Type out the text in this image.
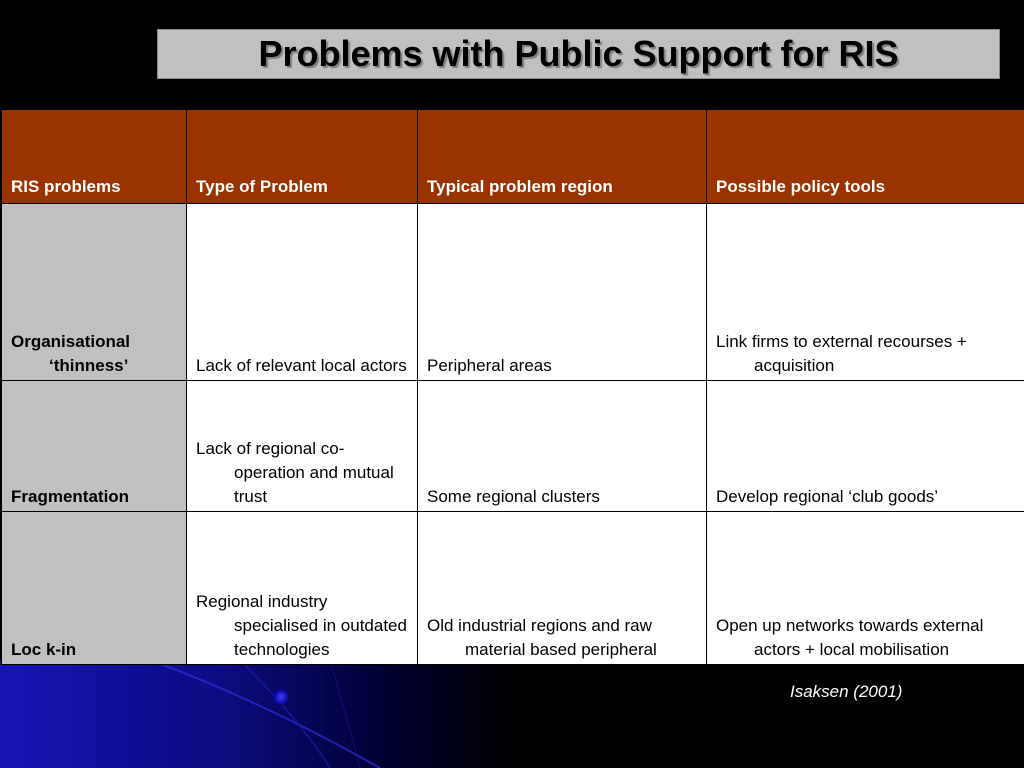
Problems with Public Support for RIS
RIS problems	Type of Problem	Typical problem region	Possible policy tools

Organisational ‘thinness’	Lack of relevant local actors	Peripheral areas	Link firms to external recourses + acquisition

Fragmentation	Lack of regional co-operation and mutual trust	Some regional clusters	Develop regional ‘club goods’

Loc k-in	Regional industry specialised in outdated technologies	Old industrial regions and raw material based peripheral	Open up networks towards external actors + local mobilisation
Isaksen (2001)
